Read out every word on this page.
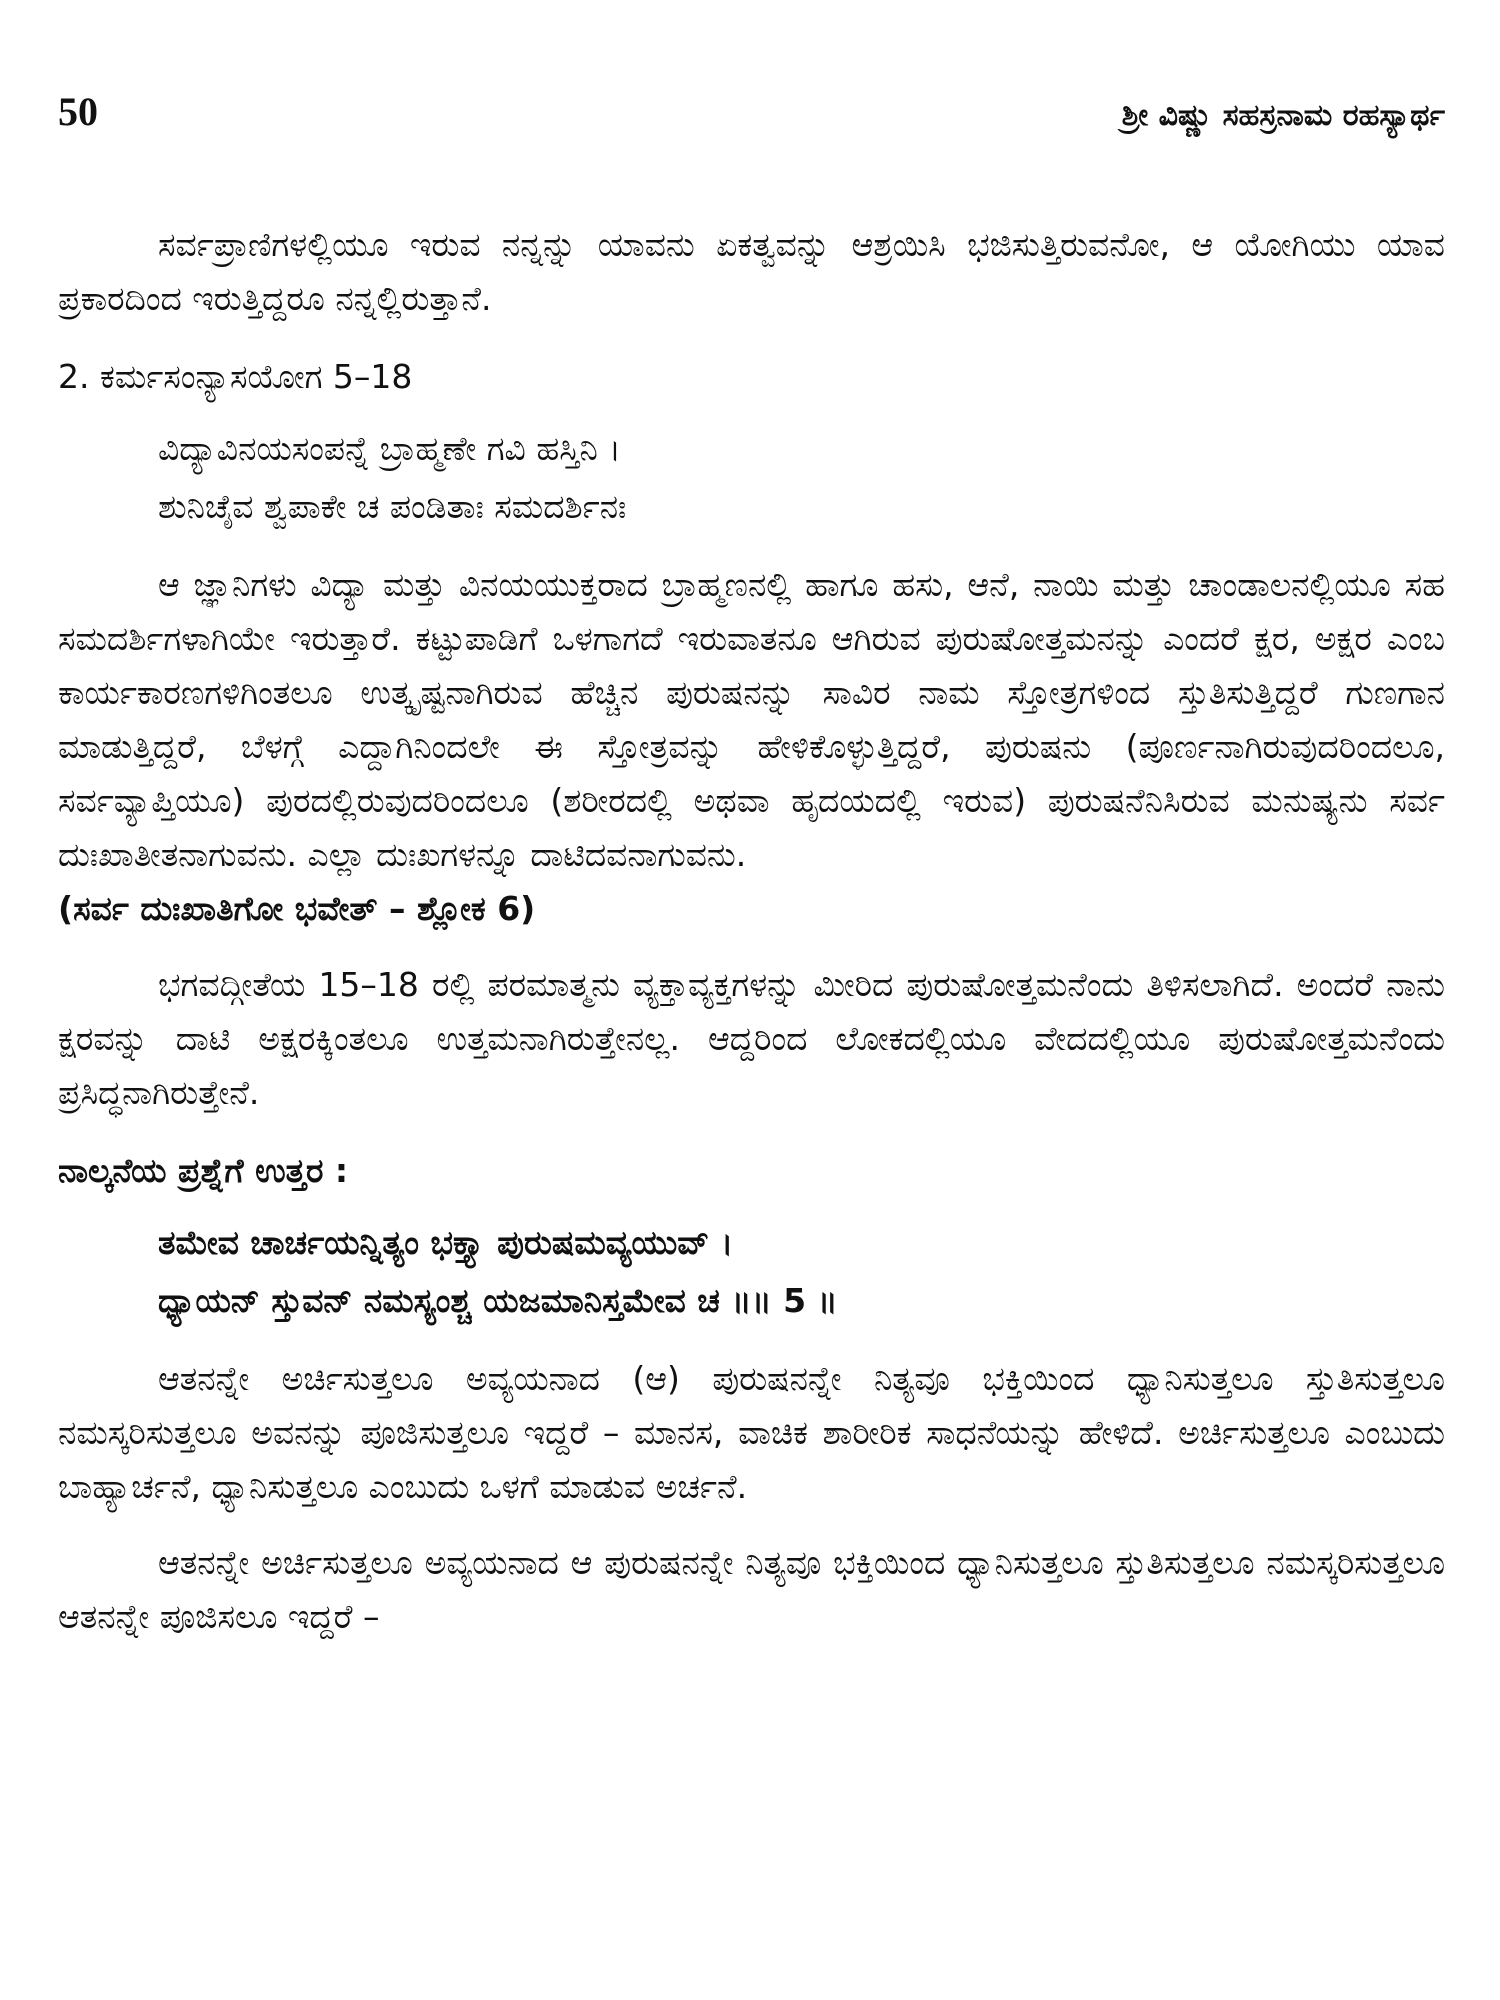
50	ಶ್ರೀ ವಿಷ್ಣು ಸಹಸ್ರನಾಮ ರಹಸ್ಯಾರ್ಥ

ಸರ್ವಪ್ರಾಣಿಗಳಲ್ಲಿಯೂ ಇರುವ ನನ್ನನ್ನು ಯಾವನು ಏಕತ್ವವನ್ನು ಆಶ್ರಯಿಸಿ ಭಜಿಸುತ್ತಿರುವನೋ, ಆ ಯೋಗಿಯು ಯಾವ ಪ್ರಕಾರದಿಂದ ಇರುತ್ತಿದ್ದರೂ ನನ್ನಲ್ಲಿರುತ್ತಾನೆ.

2. ಕರ್ಮಸಂನ್ಯಾಸಯೋಗ 5–18
ವಿದ್ಯಾವಿನಯಸಂಪನ್ನೆ ಬ್ರಾಹ್ಮಣೇ ಗವಿ ಹಸ್ತಿನಿ ।
ಶುನಿಚೈವ ಶ್ವಪಾಕೇ ಚ ಪಂಡಿತಾಃ ಸಮದರ್ಶಿನಃ

ಆ ಜ್ಞಾನಿಗಳು ವಿದ್ಯಾ ಮತ್ತು ವಿನಯಯುಕ್ತರಾದ ಬ್ರಾಹ್ಮಣನಲ್ಲಿ ಹಾಗೂ ಹಸು, ಆನೆ, ನಾಯಿ ಮತ್ತು ಚಾಂಡಾಲನಲ್ಲಿಯೂ ಸಹ ಸಮದರ್ಶಿಗಳಾಗಿಯೇ ಇರುತ್ತಾರೆ. ಕಟ್ಟುಪಾಡಿಗೆ ಒಳಗಾಗದೆ ಇರುವಾತನೂ ಆಗಿರುವ ಪುರುಷೋತ್ತಮನನ್ನು ಎಂದರೆ ಕ್ಷರ, ಅಕ್ಷರ ಎಂಬ ಕಾರ್ಯಕಾರಣಗಳಿಗಿಂತಲೂ ಉತ್ಕೃಷ್ಟನಾಗಿರುವ ಹೆಚ್ಚಿನ ಪುರುಷನನ್ನು ಸಾವಿರ ನಾಮ ಸ್ತೋತ್ರಗಳಿಂದ ಸ್ತುತಿಸುತ್ತಿದ್ದರೆ ಗುಣಗಾನ ಮಾಡುತ್ತಿದ್ದರೆ, ಬೆಳಗ್ಗೆ ಎದ್ದಾಗಿನಿಂದಲೇ ಈ ಸ್ತೋತ್ರವನ್ನು ಹೇಳಿಕೊಳ್ಳುತ್ತಿದ್ದರೆ, ಪುರುಷನು (ಪೂರ್ಣನಾಗಿರುವುದರಿಂದಲೂ, ಸರ್ವವ್ಯಾಪ್ತಿಯೂ) ಪುರದಲ್ಲಿರುವುದರಿಂದಲೂ (ಶರೀರದಲ್ಲಿ ಅಥವಾ ಹೃದಯದಲ್ಲಿ ಇರುವ) ಪುರುಷನೆನಿಸಿರುವ ಮನುಷ್ಯನು ಸರ್ವ ದುಃಖಾತೀತನಾಗುವನು. ಎಲ್ಲಾ ದುಃಖಗಳನ್ನೂ ದಾಟಿದವನಾಗುವನು.

(ಸರ್ವ ದುಃಖಾತಿಗೋ ಭವೇತ್ – ಶ್ಲೋಕ 6)

ಭಗವದ್ಗೀತೆಯ 15–18 ರಲ್ಲಿ ಪರಮಾತ್ಮನು ವ್ಯಕ್ತಾವ್ಯಕ್ತಗಳನ್ನು ಮೀರಿದ ಪುರುಷೋತ್ತಮನೆಂದು ತಿಳಿಸಲಾಗಿದೆ. ಅಂದರೆ ನಾನು ಕ್ಷರವನ್ನು ದಾಟಿ ಅಕ್ಷರಕ್ಕಿಂತಲೂ ಉತ್ತಮನಾಗಿರುತ್ತೇನಲ್ಲ. ಆದ್ದರಿಂದ ಲೋಕದಲ್ಲಿಯೂ ವೇದದಲ್ಲಿಯೂ ಪುರುಷೋತ್ತಮನೆಂದು ಪ್ರಸಿದ್ಧನಾಗಿರುತ್ತೇನೆ.

ನಾಲ್ಕನೆಯ ಪ್ರಶ್ನೆಗೆ ಉತ್ತರ :
ತಮೇವ ಚಾರ್ಚಯನ್ನಿತ್ಯಂ ಭಕ್ತ್ಯಾ ಪುರುಷಮವ್ಯಯುವ್ ।
ಧ್ಯಾಯನ್ ಸ್ತುವನ್ ನಮಸ್ಯಂಶ್ಚ ಯಜಮಾನಿಸ್ತಮೇವ ಚ ॥॥ 5 ॥

ಆತನನ್ನೇ ಅರ್ಚಿಸುತ್ತಲೂ ಅವ್ಯಯನಾದ (ಆ) ಪುರುಷನನ್ನೇ ನಿತ್ಯವೂ ಭಕ್ತಿಯಿಂದ ಧ್ಯಾನಿಸುತ್ತಲೂ ಸ್ತುತಿಸುತ್ತಲೂ ನಮಸ್ಕರಿಸುತ್ತಲೂ ಅವನನ್ನು ಪೂಜಿಸುತ್ತಲೂ ಇದ್ದರೆ – ಮಾನಸ, ವಾಚಿಕ ಶಾರೀರಿಕ ಸಾಧನೆಯನ್ನು ಹೇಳಿದೆ. ಅರ್ಚಿಸುತ್ತಲೂ ಎಂಬುದು ಬಾಹ್ಯಾರ್ಚನೆ, ಧ್ಯಾನಿಸುತ್ತಲೂ ಎಂಬುದು ಒಳಗೆ ಮಾಡುವ ಅರ್ಚನೆ.

ಆತನನ್ನೇ ಅರ್ಚಿಸುತ್ತಲೂ ಅವ್ಯಯನಾದ ಆ ಪುರುಷನನ್ನೇ ನಿತ್ಯವೂ ಭಕ್ತಿಯಿಂದ ಧ್ಯಾನಿಸುತ್ತಲೂ ಸ್ತುತಿಸುತ್ತಲೂ ನಮಸ್ಕರಿಸುತ್ತಲೂ ಆತನನ್ನೇ ಪೂಜಿಸಲೂ ಇದ್ದರೆ –
